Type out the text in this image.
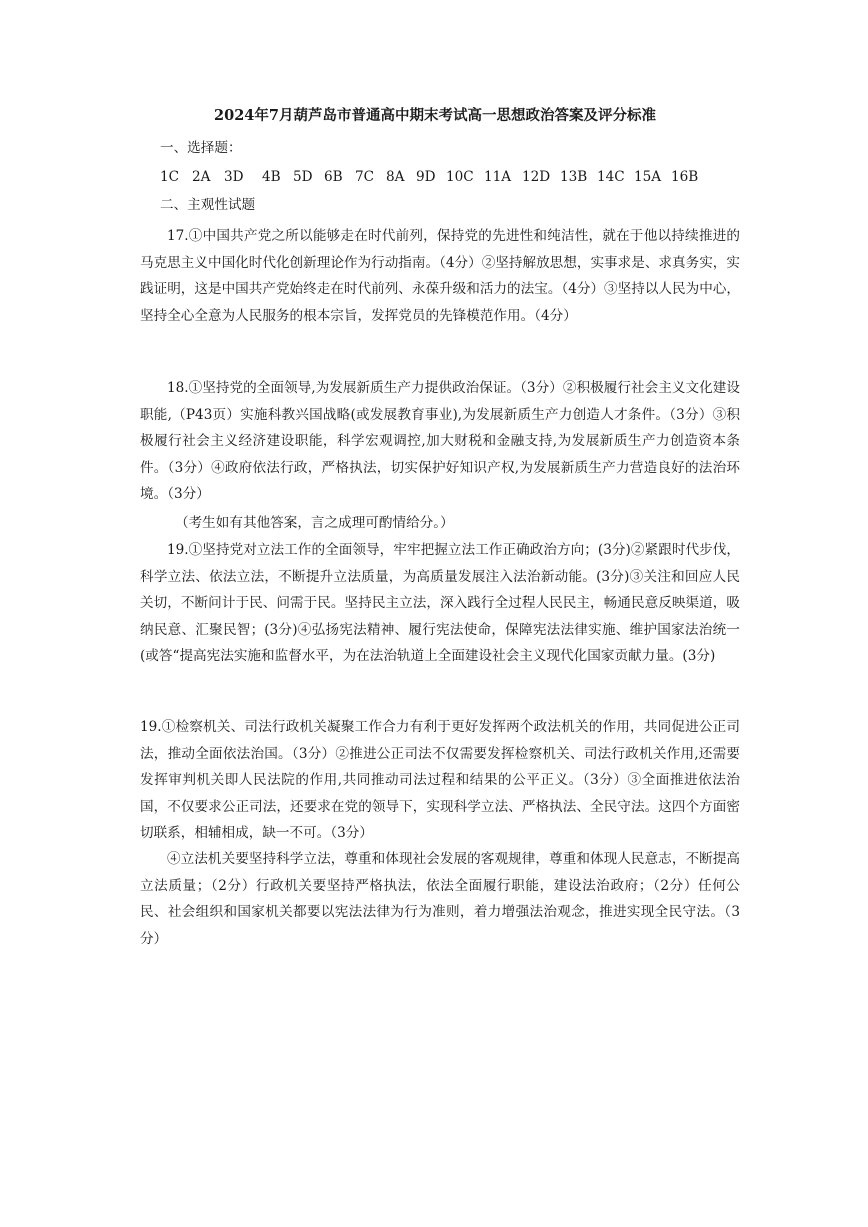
2024年7月葫芦岛市普通高中期末考试高一思想政治答案及评分标准
一、选择题：
1C 2A 3D	4B 5D 6B 7C 8A 9D 10C 11A 12D 13B 14C 15A 16B
二、主观性试题
17.①中国共产党之所以能够走在时代前列，保持党的先进性和纯洁性，就在于他以持续推进的马克思主义中国化时代化创新理论作为行动指南。（4分）②坚持解放思想，实事求是、求真务实，实践证明，这是中国共产党始终走在时代前列、永葆升级和活力的法宝。（4分）③坚持以人民为中心，坚持全心全意为人民服务的根本宗旨，发挥党员的先锋模范作用。（4分）
18.①坚持党的全面领导,为发展新质生产力提供政治保证。（3分）②积极履行社会主义文化建设职能,（P43页）实施科教兴国战略(或发展教育事业),为发展新质生产力创造人才条件。（3分）③积极履行社会主义经济建设职能，科学宏观调控,加大财税和金融支持,为发展新质生产力创造资本条件。（3分）④政府依法行政，严格执法，切实保护好知识产权,为发展新质生产力营造良好的法治环境。（3分）
（考生如有其他答案，言之成理可酌情给分。）
19.①坚持党对立法工作的全面领导，牢牢把握立法工作正确政治方向；(3分)②紧跟时代步伐，科学立法、依法立法，不断提升立法质量，为高质量发展注入法治新动能。(3分)③关注和回应人民关切，不断问计于民、问需于民。坚持民主立法，深入践行全过程人民民主，畅通民意反映渠道，吸纳民意、汇聚民智；(3分)④弘扬宪法精神、履行宪法使命，保障宪法法律实施、维护国家法治统一(或答“提高宪法实施和监督水平，为在法治轨道上全面建设社会主义现代化国家贡献力量。(3分)
19.①检察机关、司法行政机关凝聚工作合力有利于更好发挥两个政法机关的作用，共同促进公正司法，推动全面依法治国。（3分）②推进公正司法不仅需要发挥检察机关、司法行政机关作用,还需要发挥审判机关即人民法院的作用,共同推动司法过程和结果的公平正义。（3分）③全面推进依法治国，不仅要求公正司法，还要求在党的领导下，实现科学立法、严格执法、全民守法。这四个方面密切联系，相辅相成，缺一不可。（3分）
④立法机关要坚持科学立法，尊重和体现社会发展的客观规律，尊重和体现人民意志，不断提高立法质量；（2分）行政机关要坚持严格执法，依法全面履行职能，建设法治政府；（2分）任何公民、社会组织和国家机关都要以宪法法律为行为准则，着力增强法治观念，推进实现全民守法。（3分）
